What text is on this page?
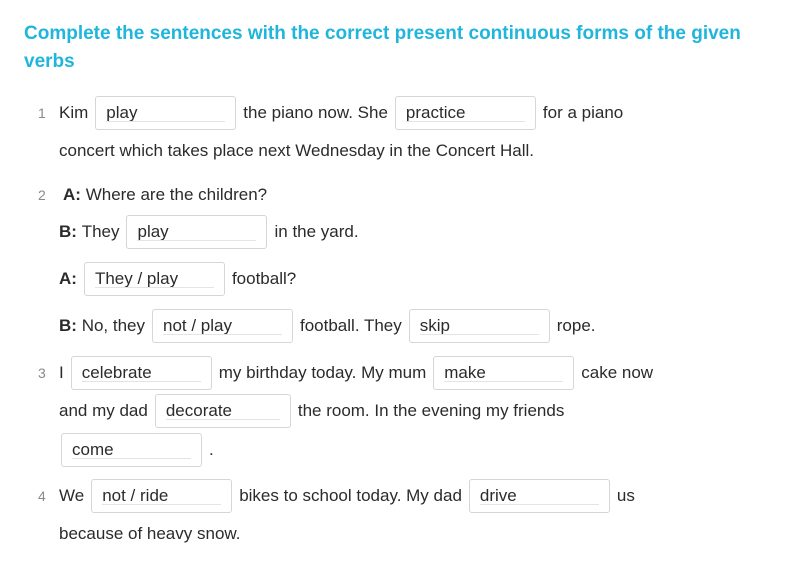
Complete the sentences with the correct present continuous forms of the given verbs
1 Kim	play	the piano now. She	practice	for a piano
concert which takes place next Wednesday in the Concert Hall.
2 A:
Where are the children?
B:
They	play	in the yard.
A:	They / play	football?
B:
No, they	not / play	football. They	skip	rope.
3 I	celebrate	my birthday today. My mum	make	cake now
and my dad	decorate	the room. In the evening my friends
come	.
4 We	not / ride	bikes to school today. My dad	drive	us
because of heavy snow.
